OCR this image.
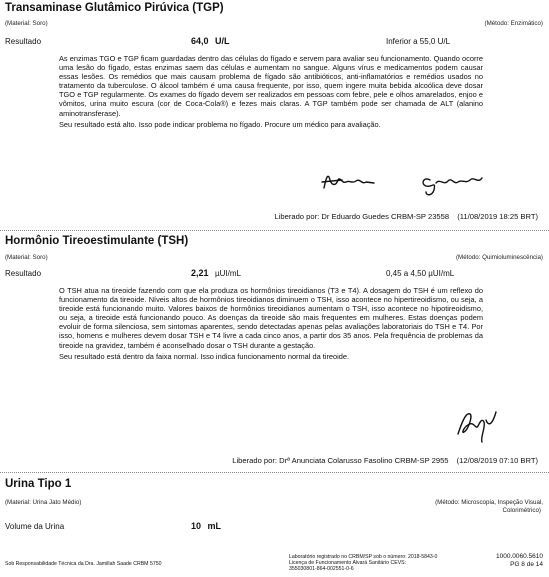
Transaminase Glutâmico Pirúvica (TGP)
(Material: Soro)	(Método: Enzimático)
Resultado	64,0 U/L	Inferior a 55,0 U/L

As enzimas TGO e TGP ficam guardadas dentro das células do fígado e servem para avaliar seu funcionamento. Quando ocorre uma lesão do fígado, estas enzimas saem das células e aumentam no sangue. Alguns vírus e medicamentos podem causar essas lesões. Os remédios que mais causam problema de fígado são antibióticos, anti-inflamatórios e remédios usados no tratamento da tuberculose. O álcool também é uma causa frequente, por isso, quem ingere muita bebida alcoólica deve dosar TGO e TGP regularmente. Os exames do fígado devem ser realizados em pessoas com febre, pele e olhos amarelados, enjoo e vômitos, urina muito escura (cor de Coca-Cola®) e fezes mais claras. A TGP também pode ser chamada de ALT (alanino aminotransferase).

Seu resultado está alto. Isso pode indicar problema no fígado. Procure um médico para avaliação.

Liberado por: Dr Eduardo Guedes CRBM-SP 23558 (11/08/2019 18:25 BRT)
Hormônio Tireoestimulante (TSH)
(Material: Soro)	(Método: Quimioluminescência)
Resultado	2,21 µUI/mL	0,45 a 4,50 µUI/mL

O TSH atua na tireoide fazendo com que ela produza os hormônios tireoidianos (T3 e T4). A dosagem do TSH é um reflexo do funcionamento da tireoide. Níveis altos de hormônios tireoidianos diminuem o TSH, isso acontece no hipertireoidismo, ou seja, a tireoide está funcionando muito. Valores baixos de hormônios tireoidianos aumentam o TSH, isso acontece no hipotireoidismo, ou seja, a tireoide está funcionando pouco. As doenças da tireoide são mais frequentes em mulheres. Estas doenças podem evoluir de forma silenciosa, sem sintomas aparentes, sendo detectadas apenas pelas avaliações laboratoriais do TSH e T4. Por isso, homens e mulheres devem dosar TSH e T4 livre a cada cinco anos, a partir dos 35 anos. Pela frequência de problemas da tireoide na gravidez, também é aconselhado dosar o TSH durante a gestação.

Seu resultado está dentro da faixa normal. Isso indica funcionamento normal da tireoide.

Liberado por: Drª Anunciata Colarusso Fasolino CRBM-SP 2955 (12/08/2019 07:10 BRT)
Urina Tipo 1
(Material: Urina Jato Médio)	(Método: Microscopia, Inspeção Visual,
Colorimétrico)
Volume da Urina	10 mL
Sob Responsabilidade Técnica da Dra. Jamillah Saade CRBM 5750
Laboratório registrado no CRBM/SP sob o número: 2018-5843-0
Licença de Funcionamento Alvará Sanitário CEVS:
355030801-864-002551-0-6
1000.0060.5610
PG 8 de 14
